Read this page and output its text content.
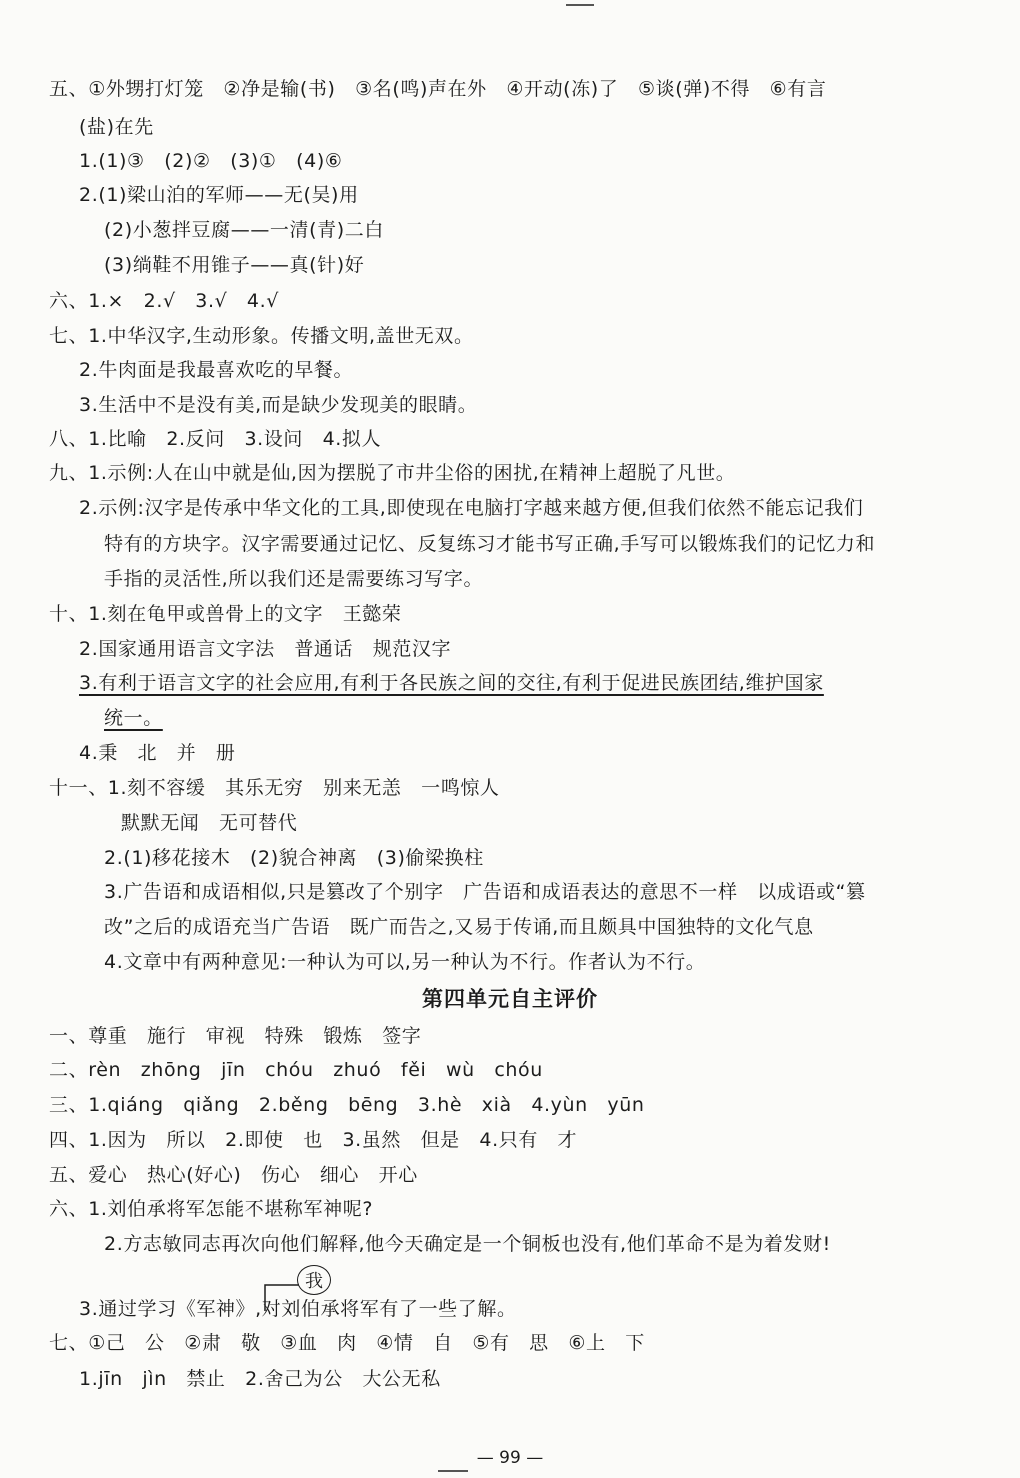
五、①外甥打灯笼　②净是输(书)　③名(鸣)声在外　④开动(冻)了　⑤谈(弹)不得　⑥有言
(盐)在先
1.(1)③　(2)②　(3)①　(4)⑥
2.(1)梁山泊的军师——无(吴)用
(2)小葱拌豆腐——一清(青)二白
(3)绱鞋不用锥子——真(针)好
六、1.×　2.√　3.√　4.√
七、1.中华汉字,生动形象。传播文明,盖世无双。
2.牛肉面是我最喜欢吃的早餐。
3.生活中不是没有美,而是缺少发现美的眼睛。
八、1.比喻　2.反问　3.设问　4.拟人
九、1.示例:人在山中就是仙,因为摆脱了市井尘俗的困扰,在精神上超脱了凡世。
2.示例:汉字是传承中华文化的工具,即使现在电脑打字越来越方便,但我们依然不能忘记我们
特有的方块字。汉字需要通过记忆、反复练习才能书写正确,手写可以锻炼我们的记忆力和
手指的灵活性,所以我们还是需要练习写字。
十、1.刻在龟甲或兽骨上的文字　王懿荣
2.国家通用语言文字法　普通话　规范汉字
3.有利于语言文字的社会应用,有利于各民族之间的交往,有利于促进民族团结,维护国家
统一。
4.秉　北　并　册
十一、1.刻不容缓　其乐无穷　别来无恙　一鸣惊人
默默无闻　无可替代
2.(1)移花接木　(2)貌合神离　(3)偷梁换柱
3.广告语和成语相似,只是篡改了个别字　广告语和成语表达的意思不一样　以成语或“篡
改”之后的成语充当广告语　既广而告之,又易于传诵,而且颇具中国独特的文化气息
4.文章中有两种意见:一种认为可以,另一种认为不行。作者认为不行。
第四单元自主评价
一、尊重　施行　审视　特殊　锻炼　签字
二、rèn　zhōng　jīn　chóu　zhuó　fěi　wù　chóu
三、1.qiáng　qiǎng　2.běng　bēng　3.hè　xià　4.yùn　yūn
四、1.因为　所以　2.即使　也　3.虽然　但是　4.只有　才
五、爱心　热心(好心)　伤心　细心　开心
六、1.刘伯承将军怎能不堪称军神呢?
2.方志敏同志再次向他们解释,他今天确定是一个铜板也没有,他们革命不是为着发财!
我
3.通过学习《军神》,对刘伯承将军有了一些了解。
七、①己　公　②肃　敬　③血　肉　④情　自　⑤有　思　⑥上　下
1.jīn　jìn　禁止　2.舍己为公　大公无私
— 99 —
